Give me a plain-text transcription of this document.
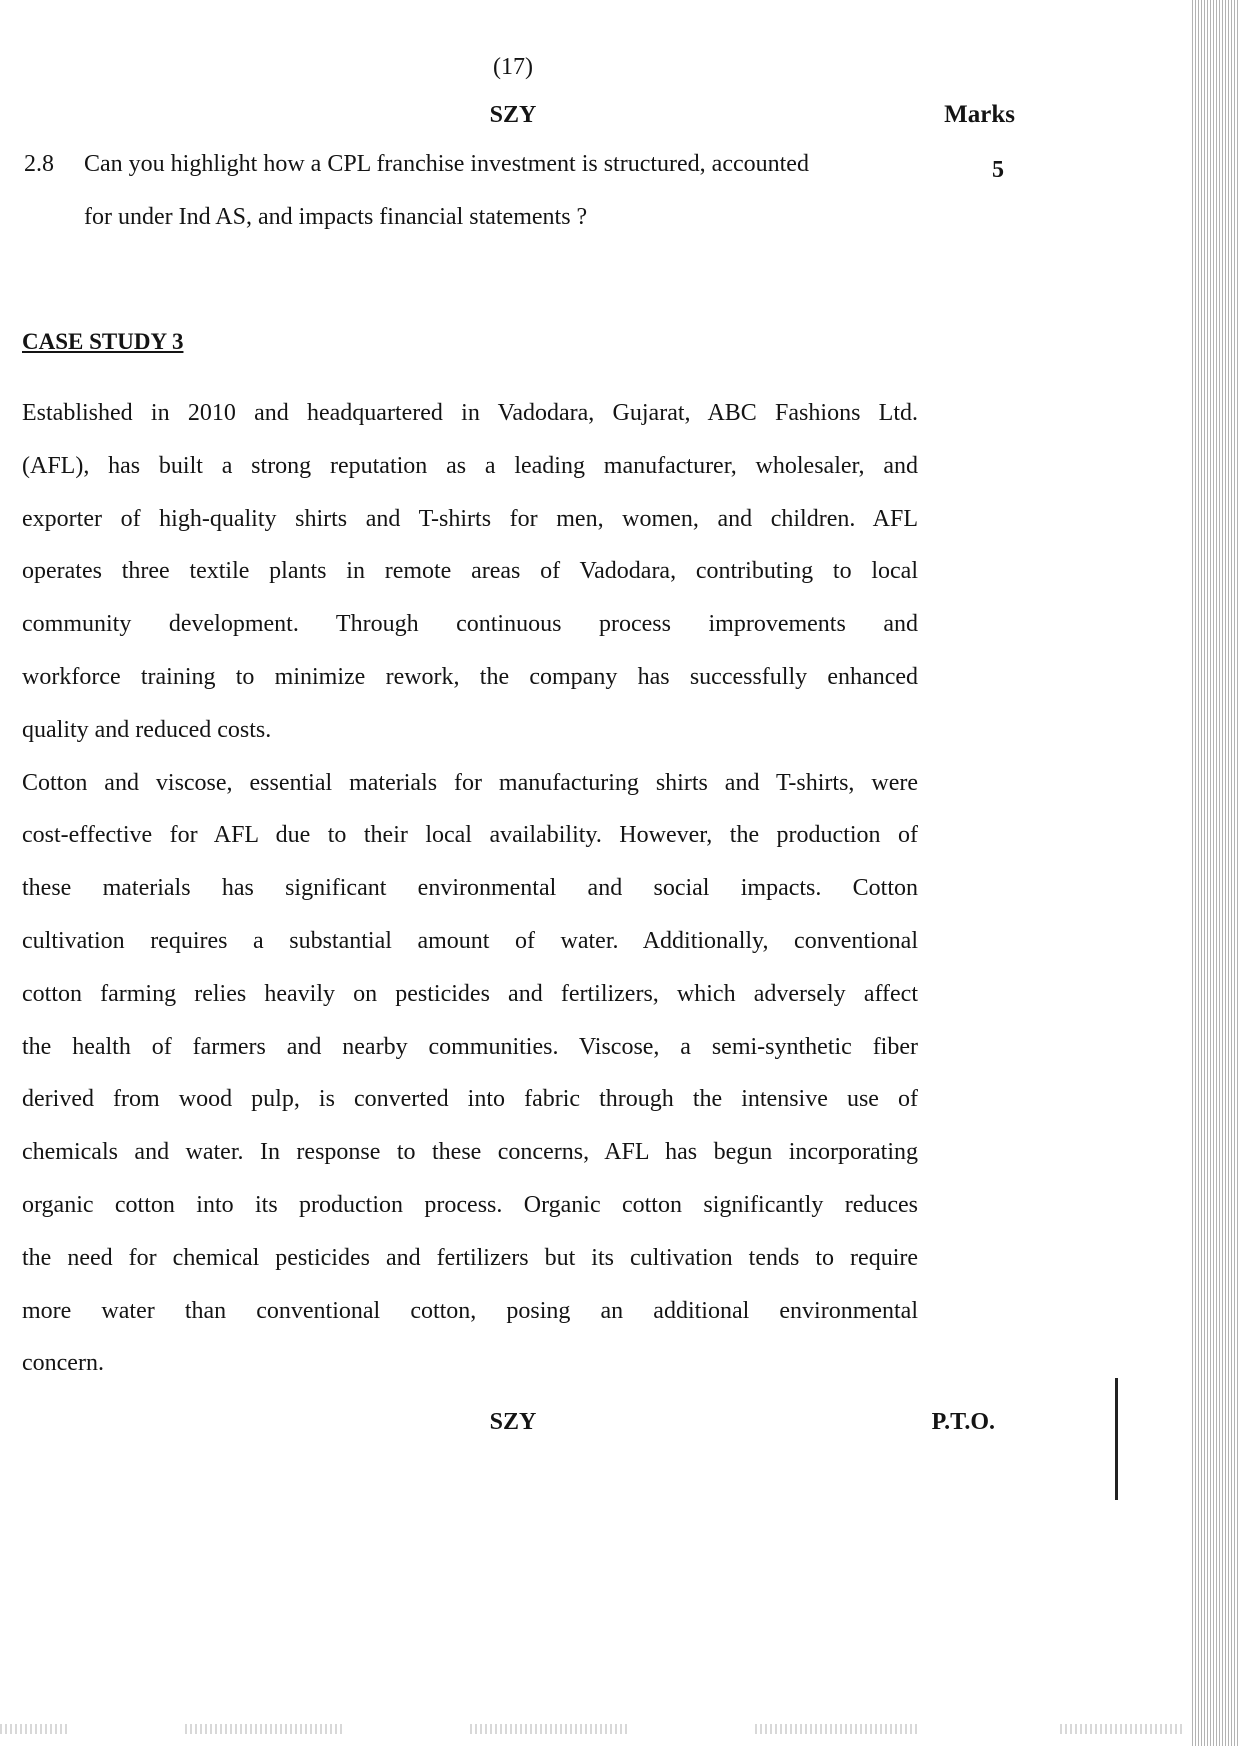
(17)
SZY	Marks
2.8 Can you highlight how a CPL franchise investment is structured, accounted
for under Ind AS, and impacts financial statements ?
5
CASE STUDY 3
Established in 2010 and headquartered in Vadodara, Gujarat, ABC Fashions Ltd.
(AFL), has built a strong reputation as a leading manufacturer, wholesaler, and
exporter of high-quality shirts and T-shirts for men, women, and children. AFL
operates three textile plants in remote areas of Vadodara, contributing to local
community development. Through continuous process improvements and
workforce training to minimize rework, the company has successfully enhanced
quality and reduced costs.
Cotton and viscose, essential materials for manufacturing shirts and T-shirts, were
cost-effective for AFL due to their local availability. However, the production of
these materials has significant environmental and social impacts. Cotton
cultivation requires a substantial amount of water. Additionally, conventional
cotton farming relies heavily on pesticides and fertilizers, which adversely affect
the health of farmers and nearby communities. Viscose, a semi-synthetic fiber
derived from wood pulp, is converted into fabric through the intensive use of
chemicals and water. In response to these concerns, AFL has begun incorporating
organic cotton into its production process. Organic cotton significantly reduces
the need for chemical pesticides and fertilizers but its cultivation tends to require
more water than conventional cotton, posing an additional environmental
concern.
SZY	P.T.O.
